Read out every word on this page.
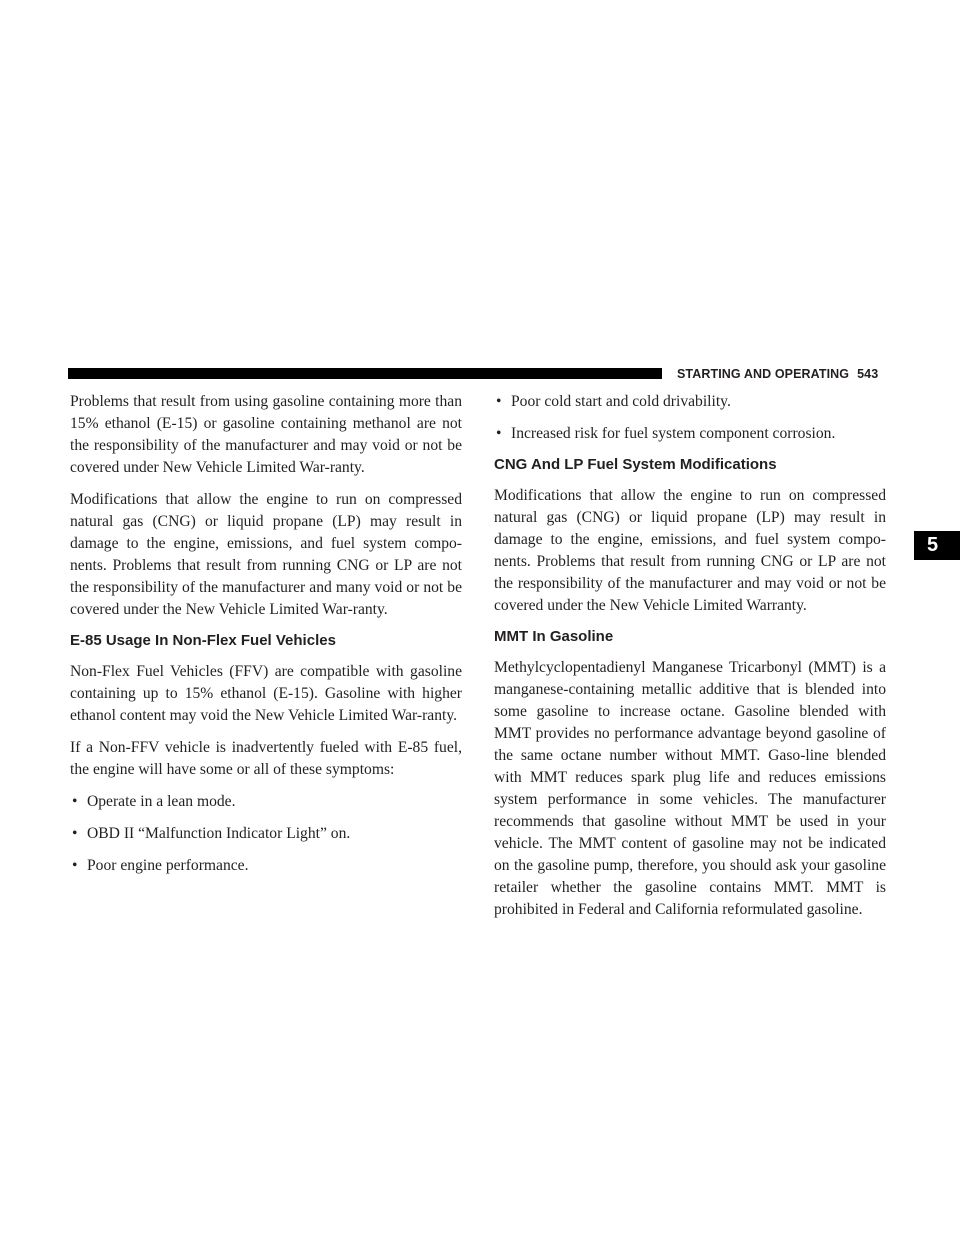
STARTING AND OPERATING 543
5

Problems that result from using gasoline containing more than 15% ethanol (E-15) or gasoline containing methanol are not the responsibility of the manufacturer and may void or not be covered under New Vehicle Limited War-ranty.

Modifications that allow the engine to run on compressed natural gas (CNG) or liquid propane (LP) may result in damage to the engine, emissions, and fuel system compo-nents. Problems that result from running CNG or LP are not the responsibility of the manufacturer and many void or not be covered under the New Vehicle Limited War-ranty.

E-85 Usage In Non-Flex Fuel Vehicles

Non-Flex Fuel Vehicles (FFV) are compatible with gasoline containing up to 15% ethanol (E-15). Gasoline with higher ethanol content may void the New Vehicle Limited War-ranty.

If a Non-FFV vehicle is inadvertently fueled with E-85 fuel, the engine will have some or all of these symptoms:

• Operate in a lean mode.
• OBD II “Malfunction Indicator Light” on.
• Poor engine performance.
• Poor cold start and cold drivability.
• Increased risk for fuel system component corrosion.
CNG And LP Fuel System Modifications

Modifications that allow the engine to run on compressed natural gas (CNG) or liquid propane (LP) may result in damage to the engine, emissions, and fuel system compo-nents. Problems that result from running CNG or LP are not the responsibility of the manufacturer and may void or not be covered under the New Vehicle Limited Warranty.

MMT In Gasoline

Methylcyclopentadienyl Manganese Tricarbonyl (MMT) is a manganese-containing metallic additive that is blended into some gasoline to increase octane. Gasoline blended with MMT provides no performance advantage beyond gasoline of the same octane number without MMT. Gaso-line blended with MMT reduces spark plug life and reduces emissions system performance in some vehicles. The manufacturer recommends that gasoline without MMT be used in your vehicle. The MMT content of gasoline may not be indicated on the gasoline pump, therefore, you should ask your gasoline retailer whether the gasoline contains MMT. MMT is prohibited in Federal and California reformulated gasoline.
